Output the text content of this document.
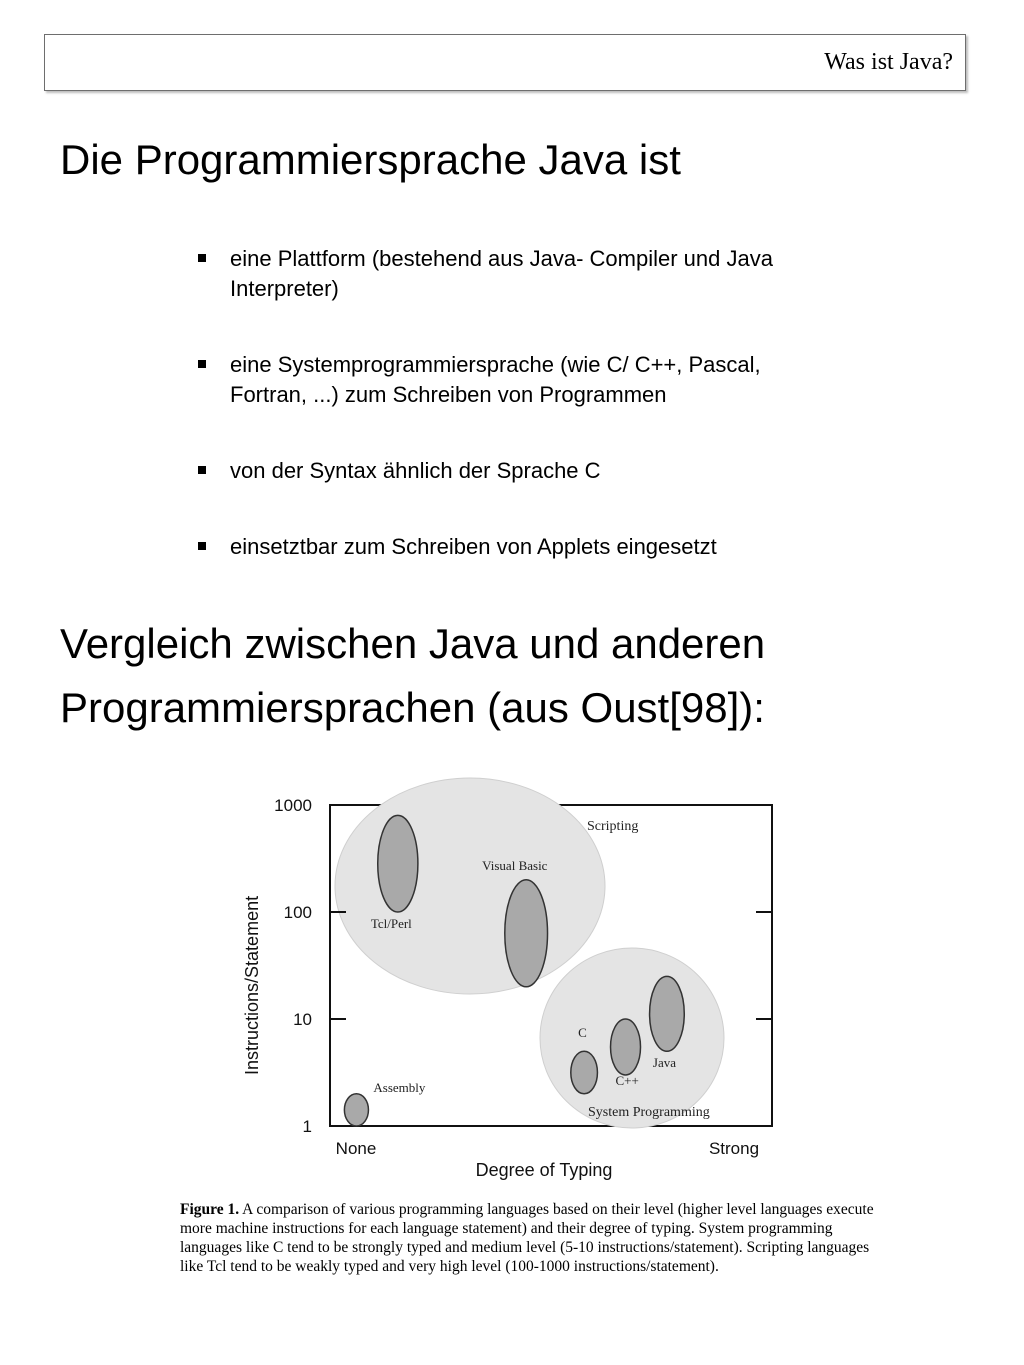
Was ist Java?
Die Programmiersprache Java ist
eine Plattform (bestehend aus Java- Compiler und Java
Interpreter)
eine Systemprogrammiersprache (wie C/ C++, Pascal,
Fortran, ...) zum Schreiben von Programmen
von der Syntax ähnlich der Sprache C
einsetztbar zum Schreiben von Applets eingesetzt
Vergleich zwischen Java und anderen
Programmiersprachen (aus Oust[98]):
Scripting
System Programming
Tcl/Perl
Visual Basic
C
C++
Java
Assembly
1000
100
10
1
None	Strong
Instructions/Statement
Degree of Typing

Figure 1. A comparison of various programming languages based on their level (higher level languages execute more machine instructions for each language statement) and their degree of typing. System programming languages like C tend to be strongly typed and medium level (5-10 instructions/statement). Scripting languages like Tcl tend to be weakly typed and very high level (100-1000 instructions/statement).
